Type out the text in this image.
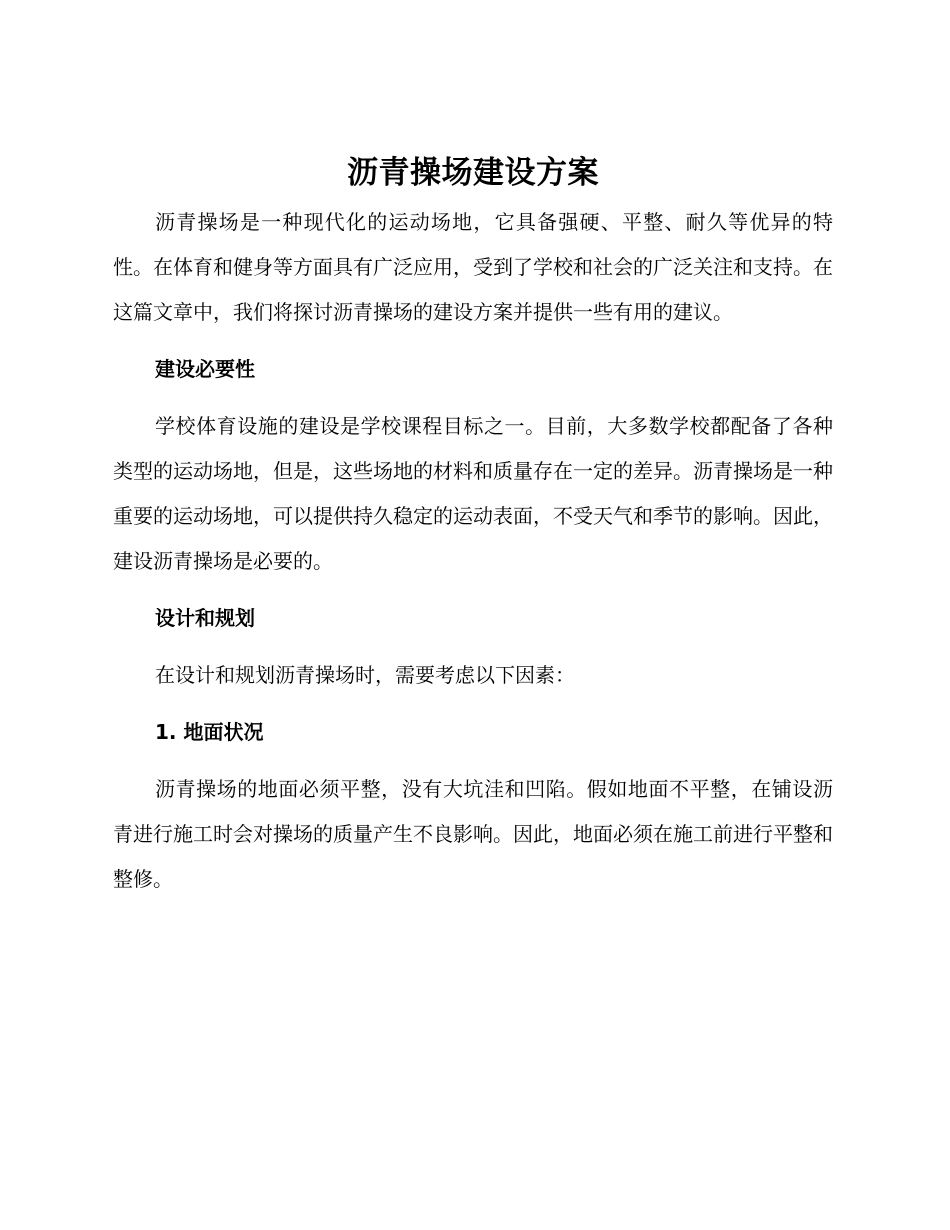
沥青操场建设方案

沥青操场是一种现代化的运动场地，它具备强硬、平整、耐久等优异的特性。在体育和健身等方面具有广泛应用，受到了学校和社会的广泛关注和支持。在这篇文章中，我们将探讨沥青操场的建设方案并提供一些有用的建议。

建设必要性

学校体育设施的建设是学校课程目标之一。目前，大多数学校都配备了各种类型的运动场地，但是，这些场地的材料和质量存在一定的差异。沥青操场是一种重要的运动场地，可以提供持久稳定的运动表面，不受天气和季节的影响。因此，建设沥青操场是必要的。

设计和规划

在设计和规划沥青操场时，需要考虑以下因素：

1. 地面状况

沥青操场的地面必须平整，没有大坑洼和凹陷。假如地面不平整，在铺设沥青进行施工时会对操场的质量产生不良影响。因此，地面必须在施工前进行平整和整修。
